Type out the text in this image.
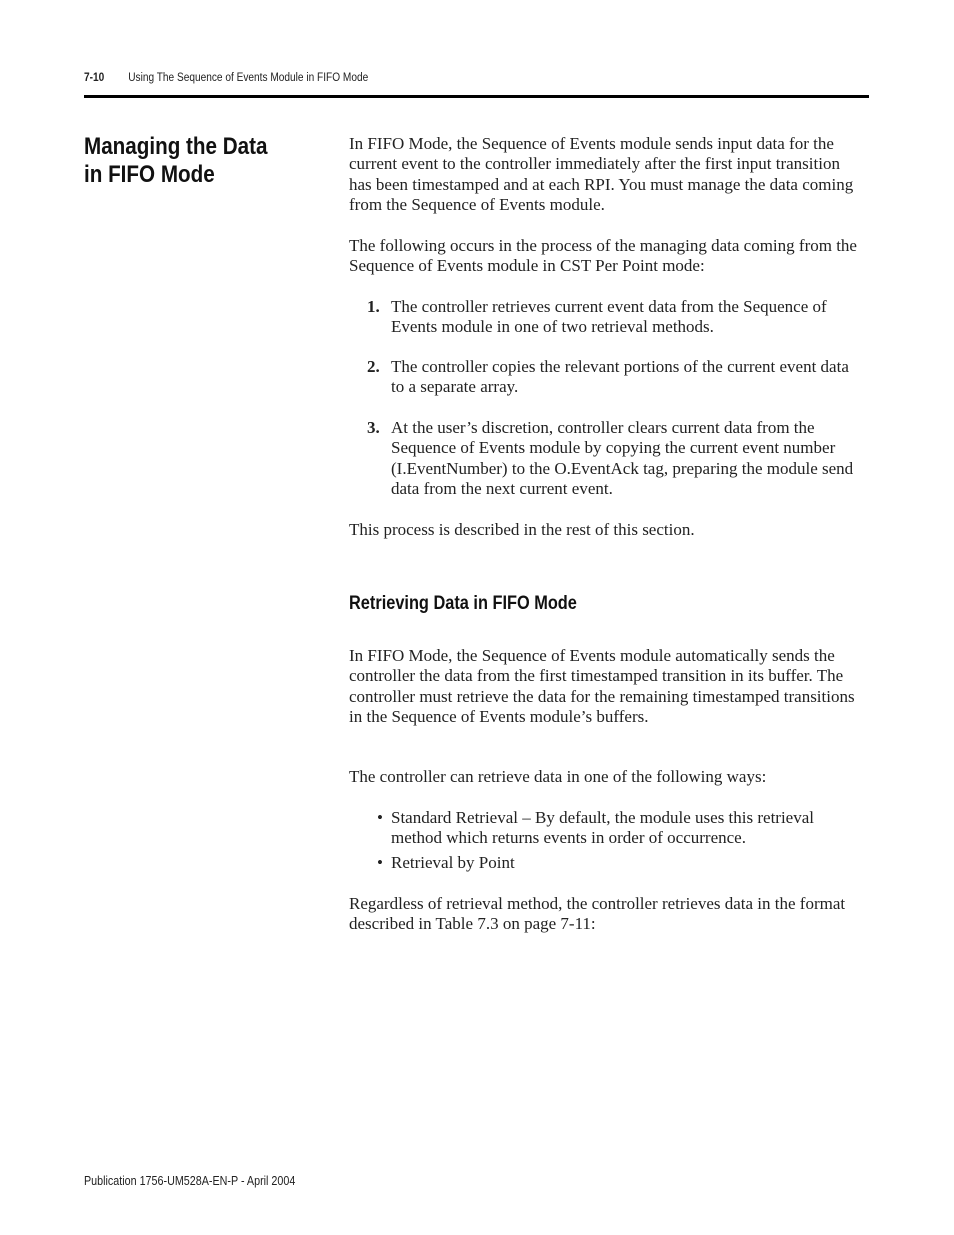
7-10 Using The Sequence of Events Module in FIFO Mode
Managing the Data in FIFO Mode

In FIFO Mode, the Sequence of Events module sends input data for the current event to the controller immediately after the first input transition has been timestamped and at each RPI. You must manage the data coming from the Sequence of Events module.

The following occurs in the process of the managing data coming from the Sequence of Events module in CST Per Point mode:

1. The controller retrieves current event data from the Sequence of Events module in one of two retrieval methods.
2. The controller copies the relevant portions of the current event data to a separate array.
3. At the user’s discretion, controller clears current data from the Sequence of Events module by copying the current event number (I.EventNumber) to the O.EventAck tag, preparing the module send data from the next current event.

This process is described in the rest of this section.

Retrieving Data in FIFO Mode

In FIFO Mode, the Sequence of Events module automatically sends the controller the data from the first timestamped transition in its buffer. The controller must retrieve the data for the remaining timestamped transitions in the Sequence of Events module’s buffers.

The controller can retrieve data in one of the following ways:

• Standard Retrieval – By default, the module uses this retrieval method which returns events in order of occurrence.
• Retrieval by Point

Regardless of retrieval method, the controller retrieves data in the format described in Table 7.3 on page 7-11:

Publication 1756-UM528A-EN-P - April 2004
